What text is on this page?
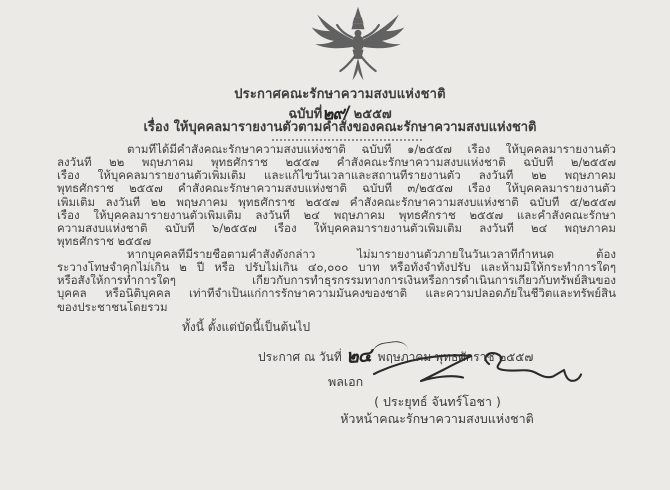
ประกาศคณะรักษาความสงบแห่งชาติ
ฉบับที่๒๙/ ๒๕๕๗
เรื่อง ให้บุคคลมารายงานตัวตามคำสั่งของคณะรักษาความสงบแห่งชาติ
ตามที่ได้มีคำสั่งคณะรักษาความสงบแห่งชาติ ฉบับที่ ๑/๒๕๕๗ เรื่อง ให้บุคคลมารายงานตัว
ลงวันที่ ๒๒ พฤษภาคม พุทธศักราช ๒๕๕๗ คำสั่งคณะรักษาความสงบแห่งชาติ ฉบับที่ ๒/๒๕๕๗
เรื่อง ให้บุคคลมารายงานตัวเพิ่มเติม และแก้ไขวันเวลาและสถานที่รายงานตัว ลงวันที่ ๒๒ พฤษภาคม
พุทธศักราช ๒๕๕๗ คำสั่งคณะรักษาความสงบแห่งชาติ ฉบับที่ ๓/๒๕๕๗ เรื่อง ให้บุคคลมารายงานตัว
เพิ่มเติม ลงวันที่ ๒๒ พฤษภาคม พุทธศักราช ๒๕๕๗ คำสั่งคณะรักษาความสงบแห่งชาติ ฉบับที่ ๕/๒๕๕๗
เรื่อง ให้บุคคลมารายงานตัวเพิ่มเติม ลงวันที่ ๒๔ พฤษภาคม พุทธศักราช ๒๕๕๗ และคำสั่งคณะรักษา
ความสงบแห่งชาติ ฉบับที่ ๖/๒๕๕๗ เรื่อง ให้บุคคลมารายงานตัวเพิ่มเติม ลงวันที่ ๒๔ พฤษภาคม
พุทธศักราช ๒๕๕๗
หากบุคคลที่มีรายชื่อตามคำสั่งดังกล่าว ไม่มารายงานตัวภายในวันเวลาที่กำหนด ต้อง
ระวางโทษจำคุกไม่เกิน ๒ ปี หรือ ปรับไม่เกิน ๔๐,๐๐๐ บาท หรือทั้งจำทั้งปรับ และห้ามมิให้กระทำการใดๆ
หรือสั่งให้การทำการใดๆ เกี่ยวกับการทำธุรกรรมทางการเงินหรือการดำเนินการเกี่ยวกับทรัพย์สินของ
บุคคล หรือนิติบุคคล เท่าที่จำเป็นแก่การรักษาความมั่นคงของชาติ และความปลอดภัยในชีวิตและทรัพย์สิน
ของประชาชนโดยรวม
ทั้งนี้ ตั้งแต่บัดนี้เป็นต้นไป
ประกาศ ณ วันที่ ๒๔ พฤษภาคม พุทธศักราช ๒๕๕๗
พลเอก
( ประยุทธ์ จันทร์โอชา )
หัวหน้าคณะรักษาความสงบแห่งชาติ
